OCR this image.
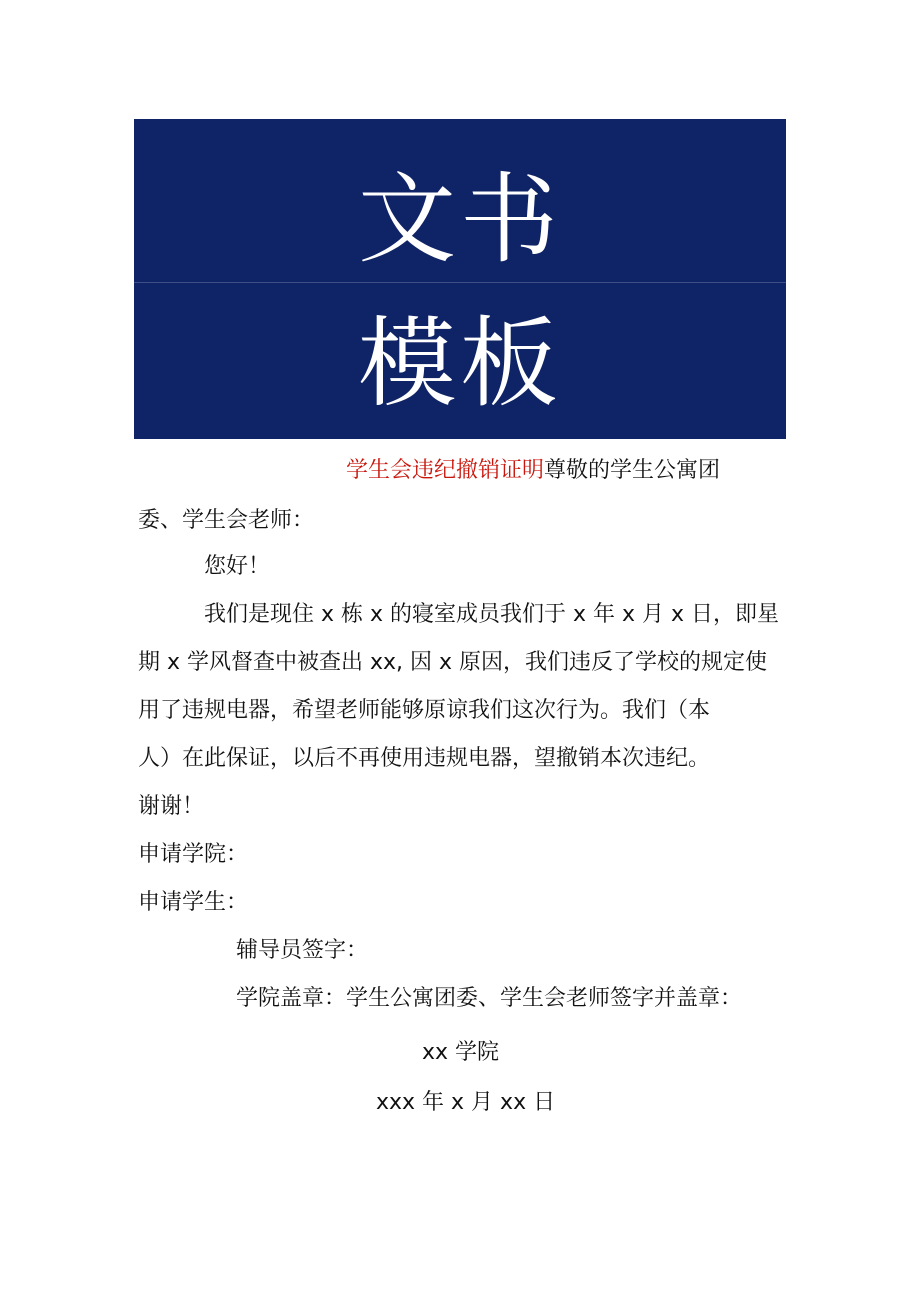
文书
模板
学生会违纪撤销证明尊敬的学生公寓团
委、学生会老师：
您好！
我们是现住 x 栋 x 的寝室成员我们于 x 年 x 月 x 日，即星
期 x 学风督查中被查出 xx, 因 x 原因，我们违反了学校的规定使
用了违规电器，希望老师能够原谅我们这次行为。我们（本
人）在此保证，以后不再使用违规电器，望撤销本次违纪。
谢谢！
申请学院：
申请学生：
辅导员签字：
学院盖章：学生公寓团委、学生会老师签字并盖章：
xx 学院
xxx 年 x 月 xx 日
